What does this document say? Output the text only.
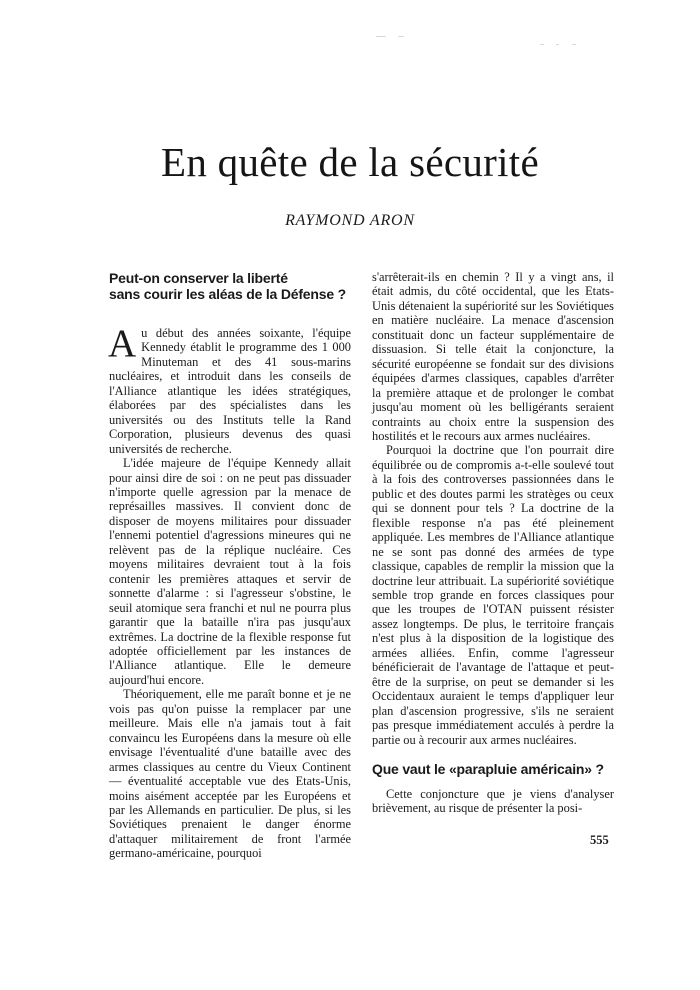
En quête de la sécurité
RAYMOND ARON
Peut-on conserver la liberté
sans courir les aléas de la Défense ?

Au début des années soixante, l'équipe Kennedy établit le programme des 1 000 Minuteman et des 41 sous-marins nucléaires, et introduit dans les conseils de l'Alliance atlantique les idées stratégiques, élaborées par des spécialistes dans les universités ou des Instituts telle la Rand Corporation, plusieurs devenus des quasi universités de recherche.

L'idée majeure de l'équipe Kennedy allait pour ainsi dire de soi : on ne peut pas dissuader n'importe quelle agression par la menace de représailles massives. Il convient donc de disposer de moyens militaires pour dissuader l'ennemi potentiel d'agressions mineures qui ne relèvent pas de la réplique nucléaire. Ces moyens militaires devraient tout à la fois contenir les premières attaques et servir de sonnette d'alarme : si l'agresseur s'obstine, le seuil atomique sera franchi et nul ne pourra plus garantir que la bataille n'ira pas jusqu'aux extrêmes. La doctrine de la flexible response fut adoptée officiellement par les instances de l'Alliance atlantique. Elle le demeure aujourd'hui encore.

Théoriquement, elle me paraît bonne et je ne vois pas qu'on puisse la remplacer par une meilleure. Mais elle n'a jamais tout à fait convaincu les Européens dans la mesure où elle envisage l'éventualité d'une bataille avec des armes classiques au centre du Vieux Continent — éventualité acceptable vue des Etats-Unis, moins aisément acceptée par les Européens et par les Allemands en particulier. De plus, si les Soviétiques prenaient le danger énorme d'attaquer militairement de front l'armée germano-américaine, pourquoi

s'arrêterait-ils en chemin ? Il y a vingt ans, il était admis, du côté occidental, que les Etats-Unis détenaient la supériorité sur les Soviétiques en matière nucléaire. La menace d'ascension constituait donc un facteur supplémentaire de dissuasion. Si telle était la conjoncture, la sécurité européenne se fondait sur des divisions équipées d'armes classiques, capables d'arrêter la première attaque et de prolonger le combat jusqu'au moment où les belligérants seraient contraints au choix entre la suspension des hostilités et le recours aux armes nucléaires.

Pourquoi la doctrine que l'on pourrait dire équilibrée ou de compromis a-t-elle soulevé tout à la fois des controverses passionnées dans le public et des doutes parmi les stratèges ou ceux qui se donnent pour tels ? La doctrine de la flexible response n'a pas été pleinement appliquée. Les membres de l'Alliance atlantique ne se sont pas donné des armées de type classique, capables de remplir la mission que la doctrine leur attribuait. La supériorité soviétique semble trop grande en forces classiques pour que les troupes de l'OTAN puissent résister assez longtemps. De plus, le territoire français n'est plus à la disposition de la logistique des armées alliées. Enfin, comme l'agresseur bénéficierait de l'avantage de l'attaque et peut-être de la surprise, on peut se demander si les Occidentaux auraient le temps d'appliquer leur plan d'ascension progressive, s'ils ne seraient pas presque immédiatement acculés à perdre la partie ou à recourir aux armes nucléaires.

Que vaut le «parapluie américain» ?

Cette conjoncture que je viens d'analyser brièvement, au risque de présenter la posi-

555
